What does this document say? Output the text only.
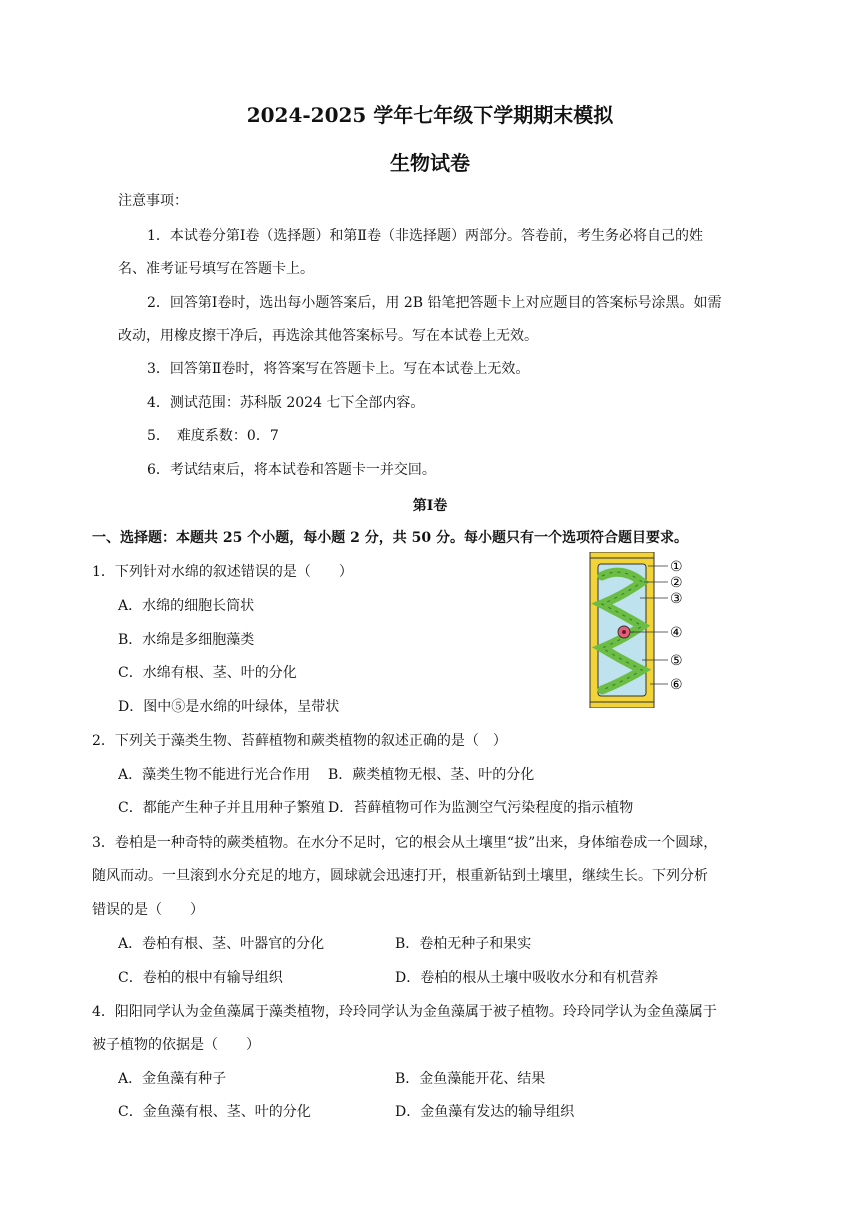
2024-2025 学年七年级下学期期末模拟
生物试卷
注意事项：
1．本试卷分第Ⅰ卷（选择题）和第Ⅱ卷（非选择题）两部分。答卷前，考生务必将自己的姓
名、准考证号填写在答题卡上。
2．回答第Ⅰ卷时，选出每小题答案后，用 2B 铅笔把答题卡上对应题目的答案标号涂黑。如需
改动，用橡皮擦干净后，再选涂其他答案标号。写在本试卷上无效。
3．回答第Ⅱ卷时，将答案写在答题卡上。写在本试卷上无效。
4．测试范围：苏科版 2024 七下全部内容。
5．　难度系数：0．7
6．考试结束后，将本试卷和答题卡一并交回。
第Ⅰ卷
一、选择题：本题共 25 个小题，每小题 2 分，共 50 分。每小题只有一个选项符合题目要求。
1．下列针对水绵的叙述错误的是（　　）
A．水绵的细胞长筒状
B．水绵是多细胞藻类
C．水绵有根、茎、叶的分化
D．图中⑤是水绵的叶绿体，呈带状
①
②
③
④
⑤
⑥
2．下列关于藻类生物、苔藓植物和蕨类植物的叙述正确的是（　）
A．藻类生物不能进行光合作用 B．蕨类植物无根、茎、叶的分化
C．都能产生种子并且用种子繁殖 D．苔藓植物可作为监测空气污染程度的指示植物
3．卷柏是一种奇特的蕨类植物。在水分不足时，它的根会从土壤里“拔”出来，身体缩卷成一个圆球，
随风而动。一旦滚到水分充足的地方，圆球就会迅速打开，根重新钻到土壤里，继续生长。下列分析
错误的是（　　）
A．卷柏有根、茎、叶器官的分化	B．卷柏无种子和果实
C．卷柏的根中有输导组织	D．卷柏的根从土壤中吸收水分和有机营养
4．阳阳同学认为金鱼藻属于藻类植物，玲玲同学认为金鱼藻属于被子植物。玲玲同学认为金鱼藻属于
被子植物的依据是（　　）
A．金鱼藻有种子	B．金鱼藻能开花、结果
C．金鱼藻有根、茎、叶的分化	D．金鱼藻有发达的输导组织
